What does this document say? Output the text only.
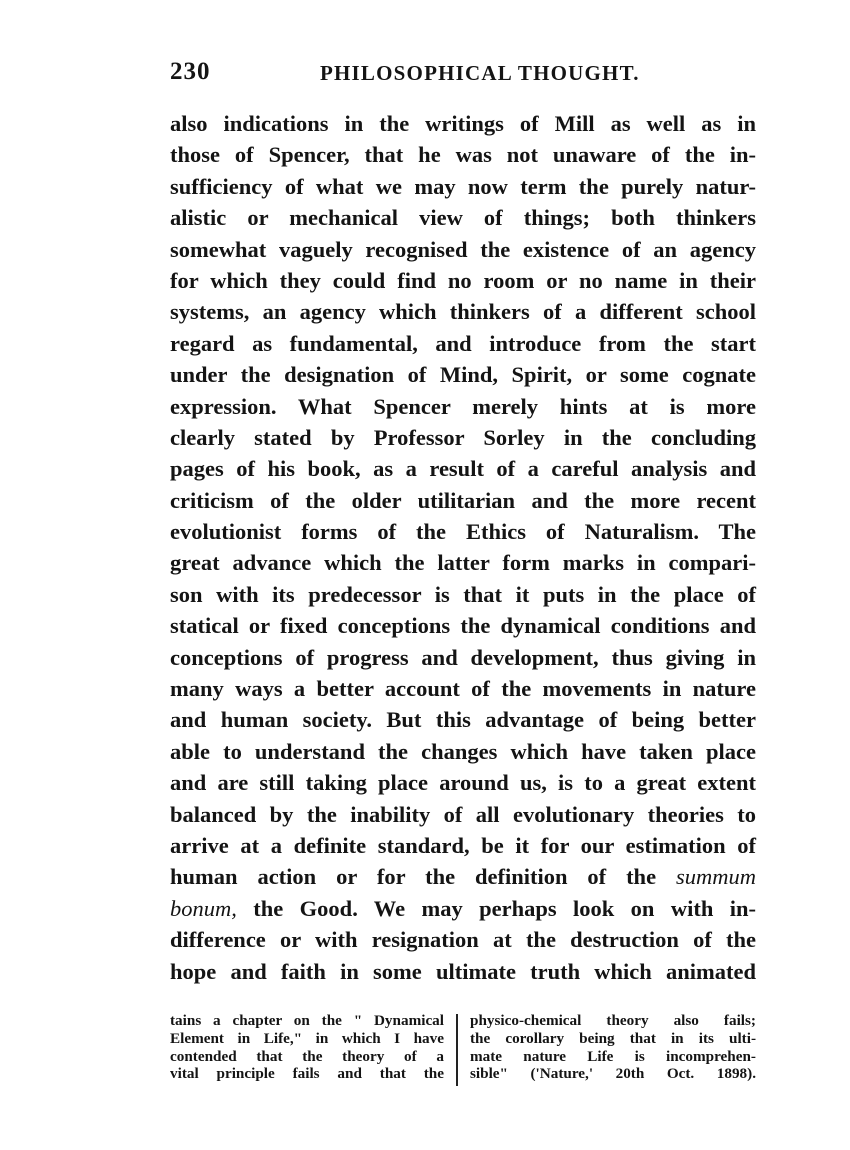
230	PHILOSOPHICAL THOUGHT.
also indications in the writings of Mill as well as in
those of Spencer, that he was not unaware of the in-
sufficiency of what we may now term the purely natur-
alistic or mechanical view of things; both thinkers
somewhat vaguely recognised the existence of an agency
for which they could find no room or no name in their
systems, an agency which thinkers of a different school
regard as fundamental, and introduce from the start
under the designation of Mind, Spirit, or some cognate
expression. What Spencer merely hints at is more
clearly stated by Professor Sorley in the concluding
pages of his book, as a result of a careful analysis and
criticism of the older utilitarian and the more recent
evolutionist forms of the Ethics of Naturalism. The
great advance which the latter form marks in compari-
son with its predecessor is that it puts in the place of
statical or fixed conceptions the dynamical conditions and
conceptions of progress and development, thus giving in
many ways a better account of the movements in nature
and human society. But this advantage of being better
able to understand the changes which have taken place
and are still taking place around us, is to a great extent
balanced by the inability of all evolutionary theories to
arrive at a definite standard, be it for our estimation of
human action or for the definition of the summum
bonum, the Good. We may perhaps look on with in-
difference or with resignation at the destruction of the
hope and faith in some ultimate truth which animated
tains a chapter on the " Dynamical
Element in Life," in which I have
contended that the theory of a
vital principle fails and that the
physico-chemical theory also fails;
the corollary being that in its ulti-
mate nature Life is incomprehen-
sible" ('Nature,' 20th Oct. 1898).
